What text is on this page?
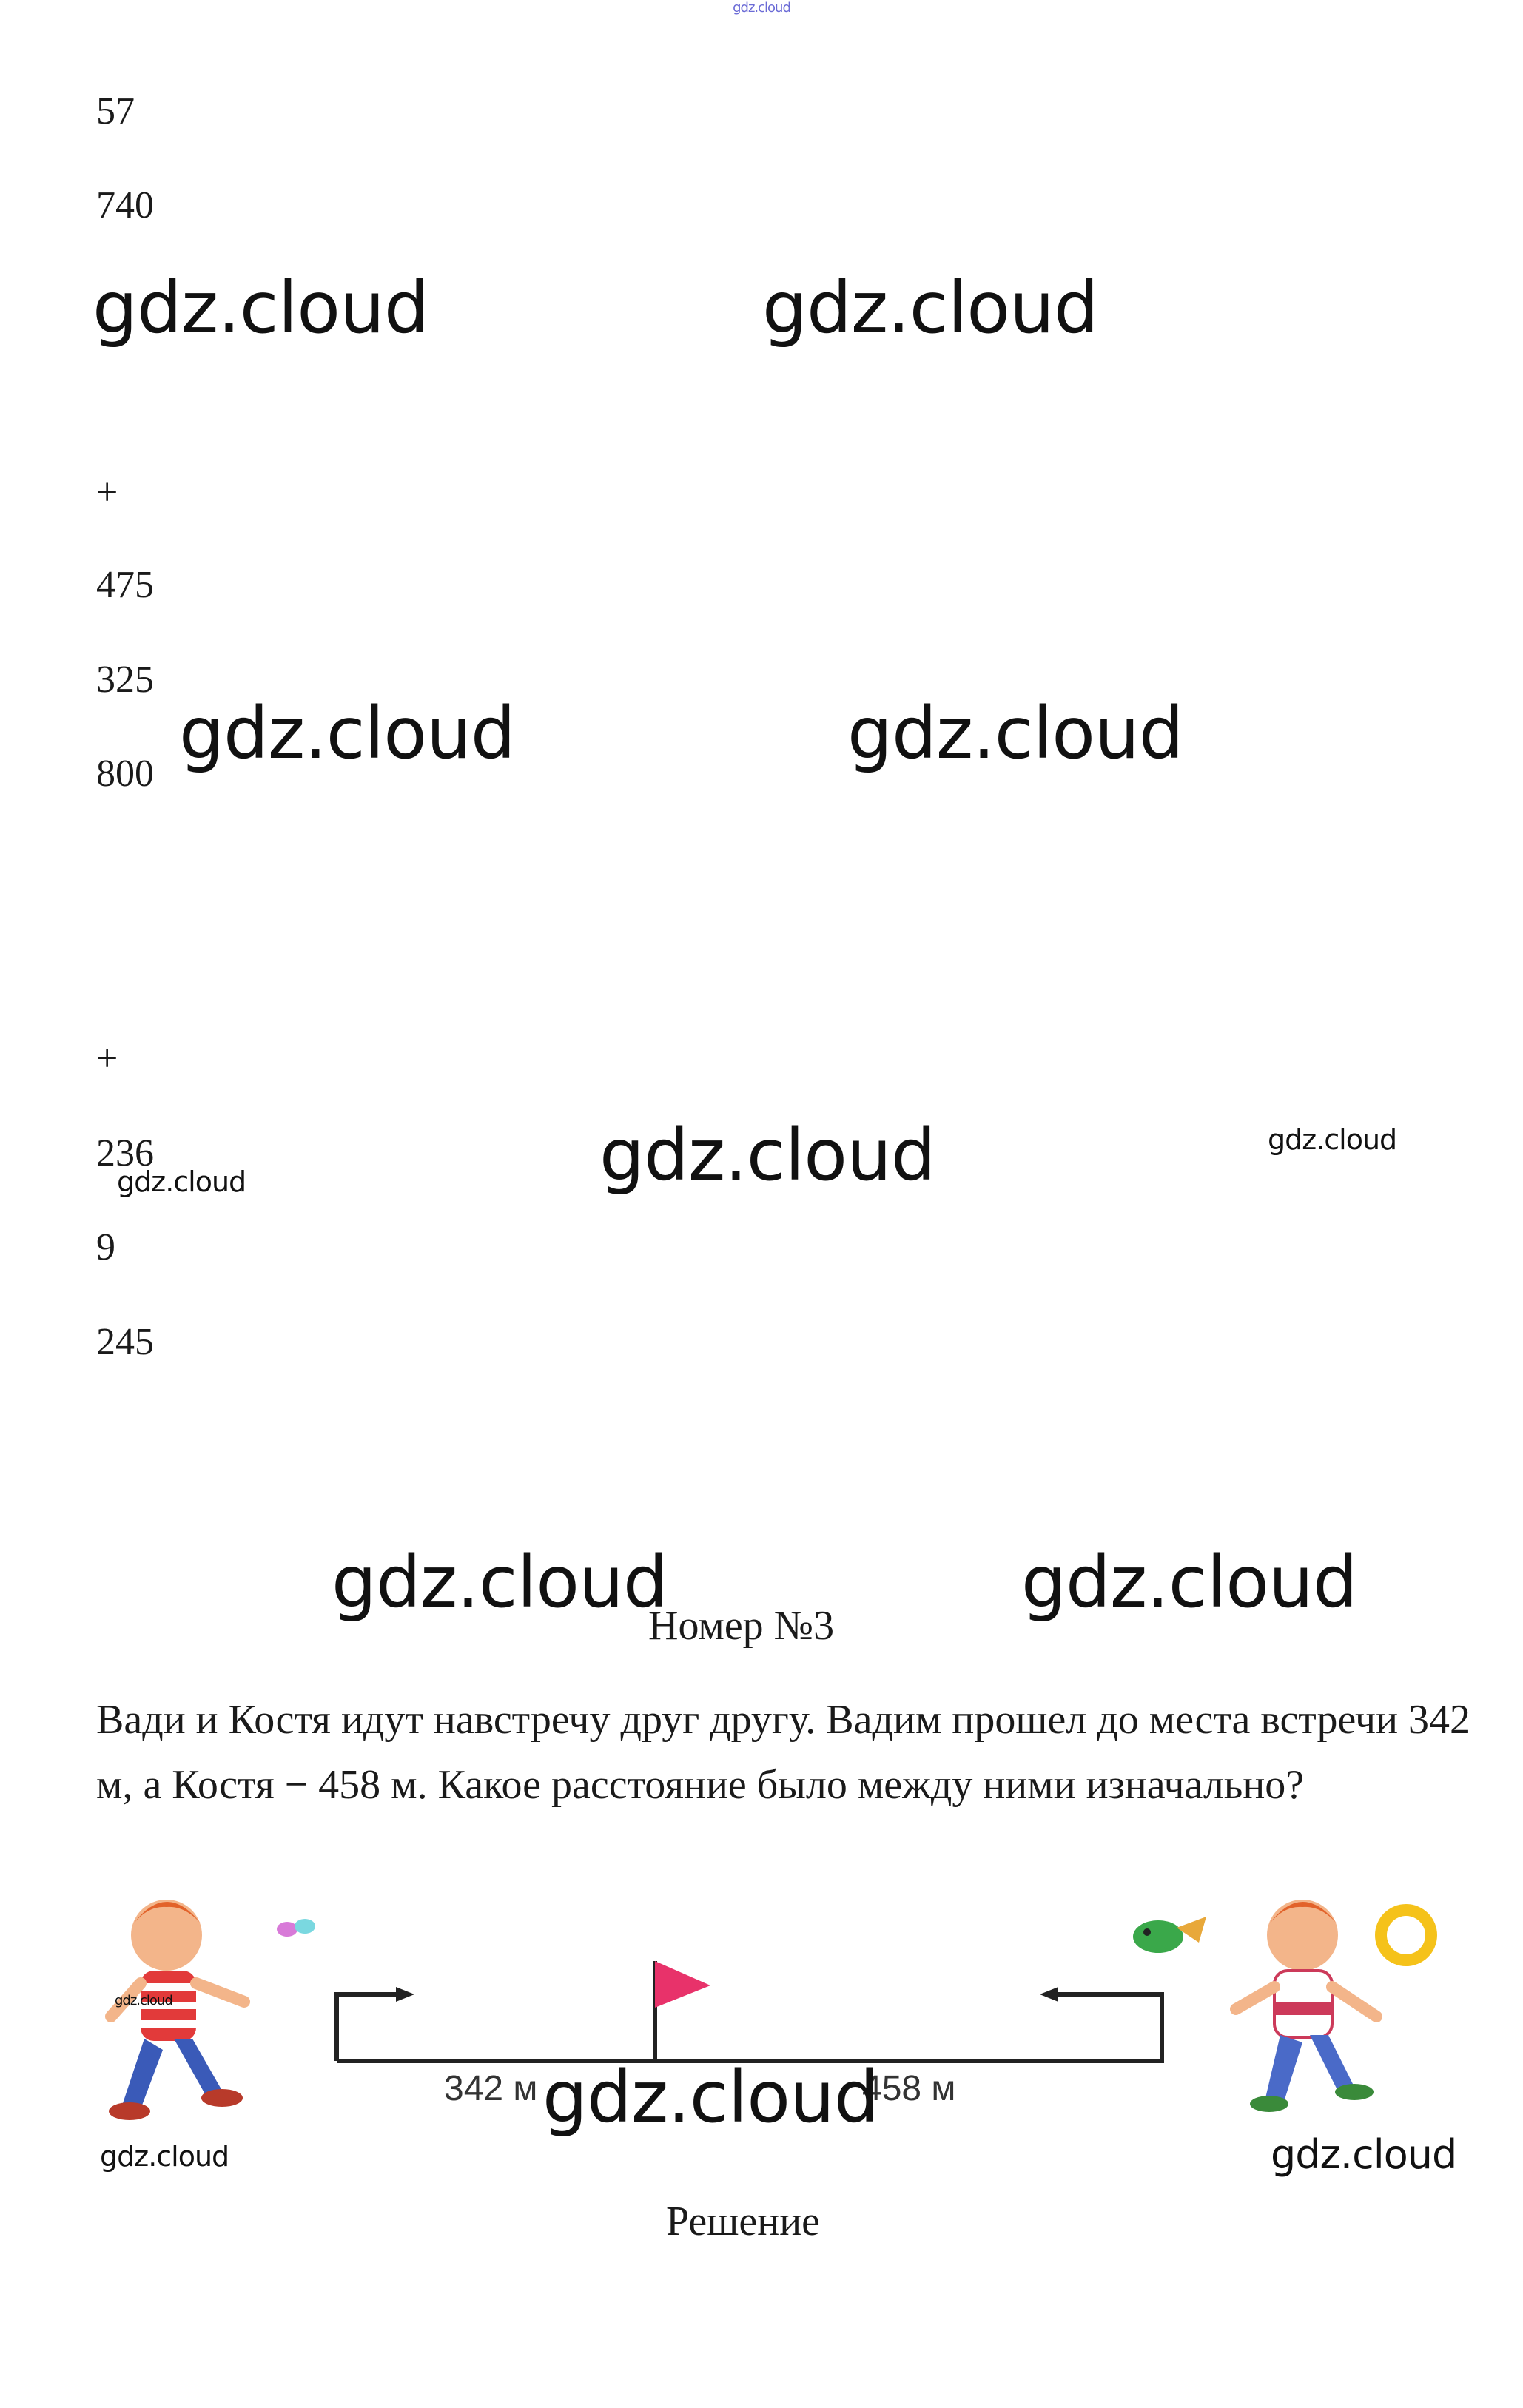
gdz.cloud
57
740
gdz.cloud	gdz.cloud
+
475
325
800 gdz.cloud	gdz.cloud
+
236
9
245
gdz.cloud	gdz.cloud	gdz.cloud
gdz.cloud	gdz.cloud
Номер №3
Вади и Костя идут навстречу друг другу. Вадим прошел до места встречи 342 м, а Костя − 458 м. Какое расстояние было между ними изначально?
342 м	458 м
gdz.cloud
gdz.cloud
gdz.cloud	gdz.cloud
Решение
